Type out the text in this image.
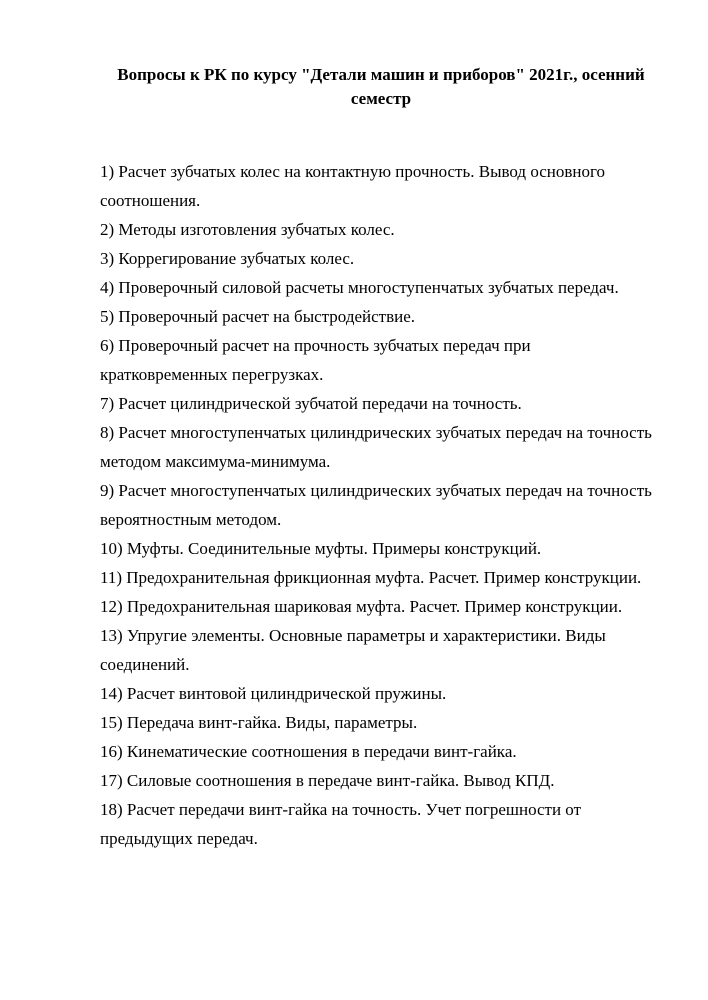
Вопросы к РК по курсу "Детали машин и приборов" 2021г., осенний семестр

1) Расчет зубчатых колес на контактную прочность. Вывод основного соотношения.

2) Методы изготовления зубчатых колес.

3) Коррегирование зубчатых колес.

4) Проверочный силовой расчеты многоступенчатых зубчатых передач.

5) Проверочный расчет на быстродействие.

6) Проверочный расчет на прочность зубчатых передач при кратковременных перегрузках.

7) Расчет цилиндрической зубчатой передачи на точность.

8) Расчет многоступенчатых цилиндрических зубчатых передач на точность методом максимума-минимума.

9) Расчет многоступенчатых цилиндрических зубчатых передач на точность вероятностным методом.

10) Муфты. Соединительные муфты. Примеры конструкций.

11) Предохранительная фрикционная муфта. Расчет. Пример конструкции.

12) Предохранительная шариковая муфта. Расчет. Пример конструкции.

13) Упругие элементы. Основные параметры и характеристики. Виды соединений.

14) Расчет винтовой цилиндрической пружины.

15) Передача винт-гайка. Виды, параметры.

16) Кинематические соотношения в передачи винт-гайка.

17) Силовые соотношения в передаче винт-гайка. Вывод КПД.

18) Расчет передачи винт-гайка на точность. Учет погрешности от предыдущих передач.
